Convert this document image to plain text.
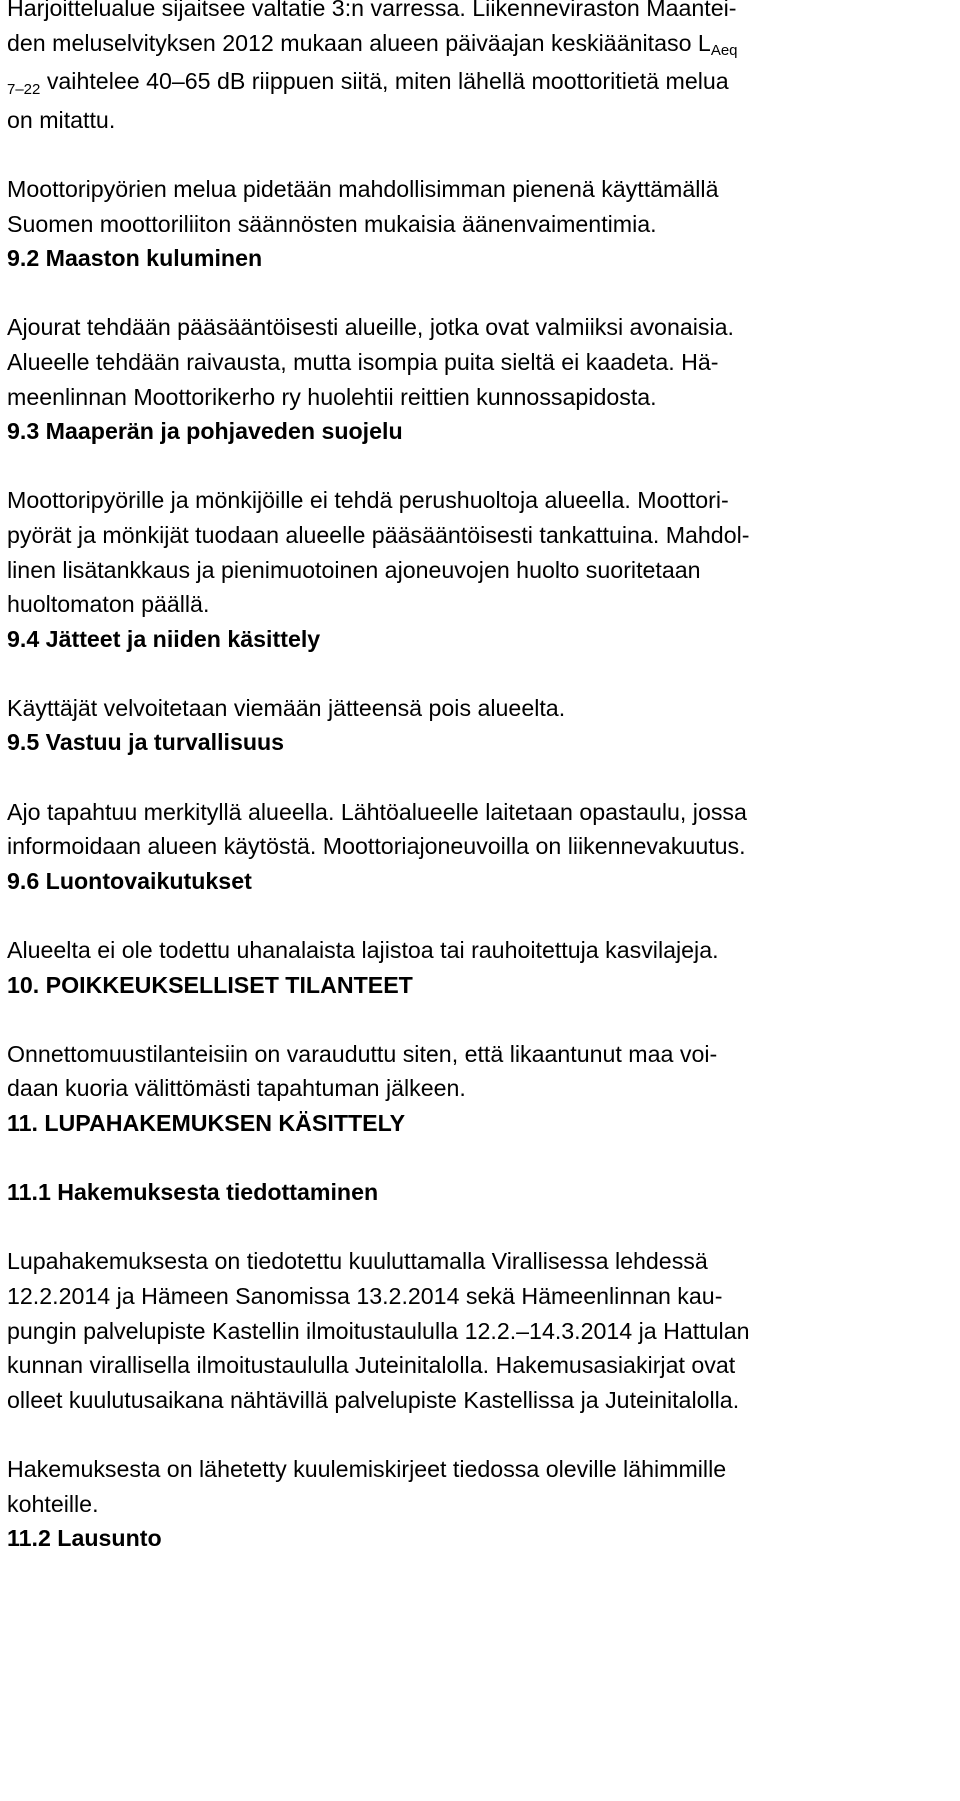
Harjoittelualue sijaitsee valtatie 3:n varressa. Liikenneviraston Maantei-
den meluselvityksen 2012 mukaan alueen päiväajan keskiäänitaso LAeq
$_{7-22}$ vaihtelee 40–65 dB riippuen siitä, miten lähellä moottoritietä melua
on mitattu.

Moottoripyörien melua pidetään mahdollisimman pienenä käyttämällä
Suomen moottoriliiton säännösten mukaisia äänenvaimentimia.

9.2 Maaston kuluminen

Ajourat tehdään pääsääntöisesti alueille, jotka ovat valmiiksi avonaisia.
Alueelle tehdään raivausta, mutta isompia puita sieltä ei kaadeta. Hä-
meenlinnan Moottorikerho ry huolehtii reittien kunnossapidosta.

9.3 Maaperän ja pohjaveden suojelu

Moottoripyörille ja mönkijöille ei tehdä perushuoltoja alueella. Moottori-
pyörät ja mönkijät tuodaan alueelle pääsääntöisesti tankattuina. Mahdol-
linen lisätankkaus ja pienimuotoinen ajoneuvojen huolto suoritetaan
huoltomaton päällä.

9.4 Jätteet ja niiden käsittely

Käyttäjät velvoitetaan viemään jätteensä pois alueelta.

9.5 Vastuu ja turvallisuus

Ajo tapahtuu merkityllä alueella. Lähtöalueelle laitetaan opastaulu, jossa
informoidaan alueen käytöstä. Moottoriajoneuvoilla on liikennevakuutus.

9.6 Luontovaikutukset

Alueelta ei ole todettu uhanalaista lajistoa tai rauhoitettuja kasvilajeja.

10. POIKKEUKSELLISET TILANTEET

Onnettomuustilanteisiin on varauduttu siten, että likaantunut maa voi-
daan kuoria välittömästi tapahtuman jälkeen.

11. LUPAHAKEMUKSEN KÄSITTELY

11.1 Hakemuksesta tiedottaminen

Lupahakemuksesta on tiedotettu kuuluttamalla Virallisessa lehdessä
12.2.2014 ja Hämeen Sanomissa 13.2.2014 sekä Hämeenlinnan kau-
pungin palvelupiste Kastellin ilmoitustaululla 12.2.–14.3.2014 ja Hattulan
kunnan virallisella ilmoitustaululla Juteinitalolla. Hakemusasiakirjat ovat
olleet kuulutusaikana nähtävillä palvelupiste Kastellissa ja Juteinitalolla.

Hakemuksesta on lähetetty kuulemiskirjeet tiedossa oleville lähimmille
kohteille.

11.2 Lausunto
